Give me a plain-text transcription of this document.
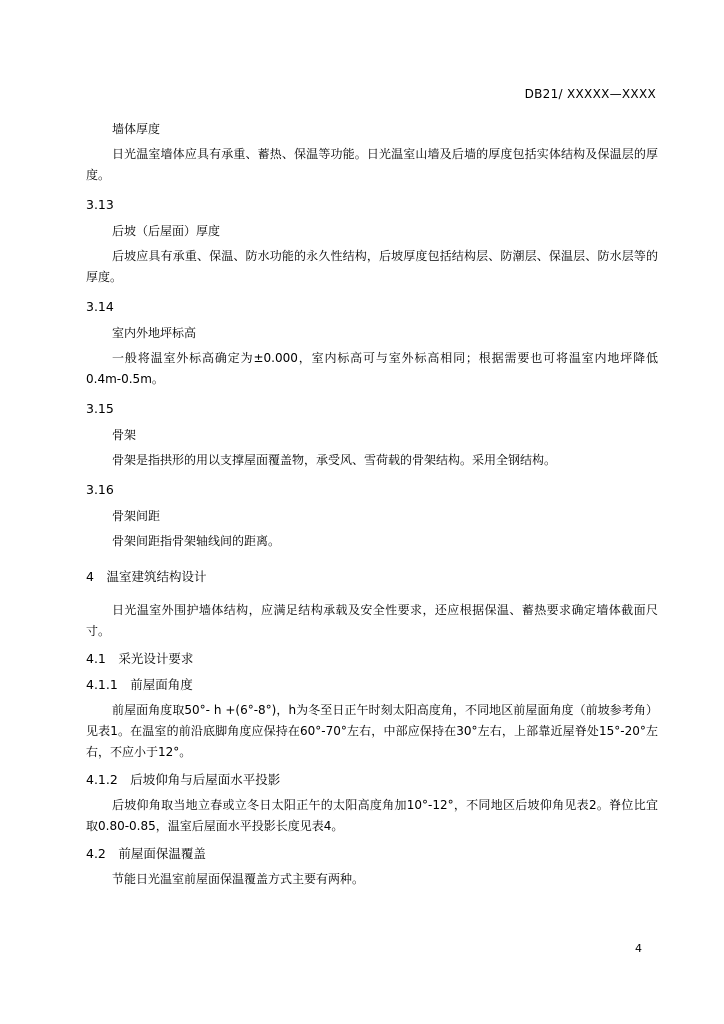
DB21/ XXXXX—XXXX

墙体厚度

日光温室墙体应具有承重、蓄热、保温等功能。日光温室山墙及后墙的厚度包括实体结构及保温层的厚度。

3.13

后坡（后屋面）厚度

后坡应具有承重、保温、防水功能的永久性结构，后坡厚度包括结构层、防潮层、保温层、防水层等的厚度。

3.14

室内外地坪标高

一般将温室外标高确定为±0.000，室内标高可与室外标高相同；根据需要也可将温室内地坪降低0.4m-0.5m。

3.15

骨架

骨架是指拱形的用以支撑屋面覆盖物，承受风、雪荷载的骨架结构。采用全钢结构。

3.16

骨架间距

骨架间距指骨架轴线间的距离。

4　温室建筑结构设计

日光温室外围护墙体结构，应满足结构承载及安全性要求，还应根据保温、蓄热要求确定墙体截面尺寸。

4.1　采光设计要求

4.1.1　前屋面角度

前屋面角度取50°- h +(6°-8°)，h为冬至日正午时刻太阳高度角，不同地区前屋面角度（前坡参考角）见表1。在温室的前沿底脚角度应保持在60°-70°左右，中部应保持在30°左右，上部靠近屋脊处15°-20°左右，不应小于12°。

4.1.2　后坡仰角与后屋面水平投影

后坡仰角取当地立春或立冬日太阳正午的太阳高度角加10°-12°，不同地区后坡仰角见表2。脊位比宜取0.80-0.85，温室后屋面水平投影长度见表4。

4.2　前屋面保温覆盖

节能日光温室前屋面保温覆盖方式主要有两种。

4
